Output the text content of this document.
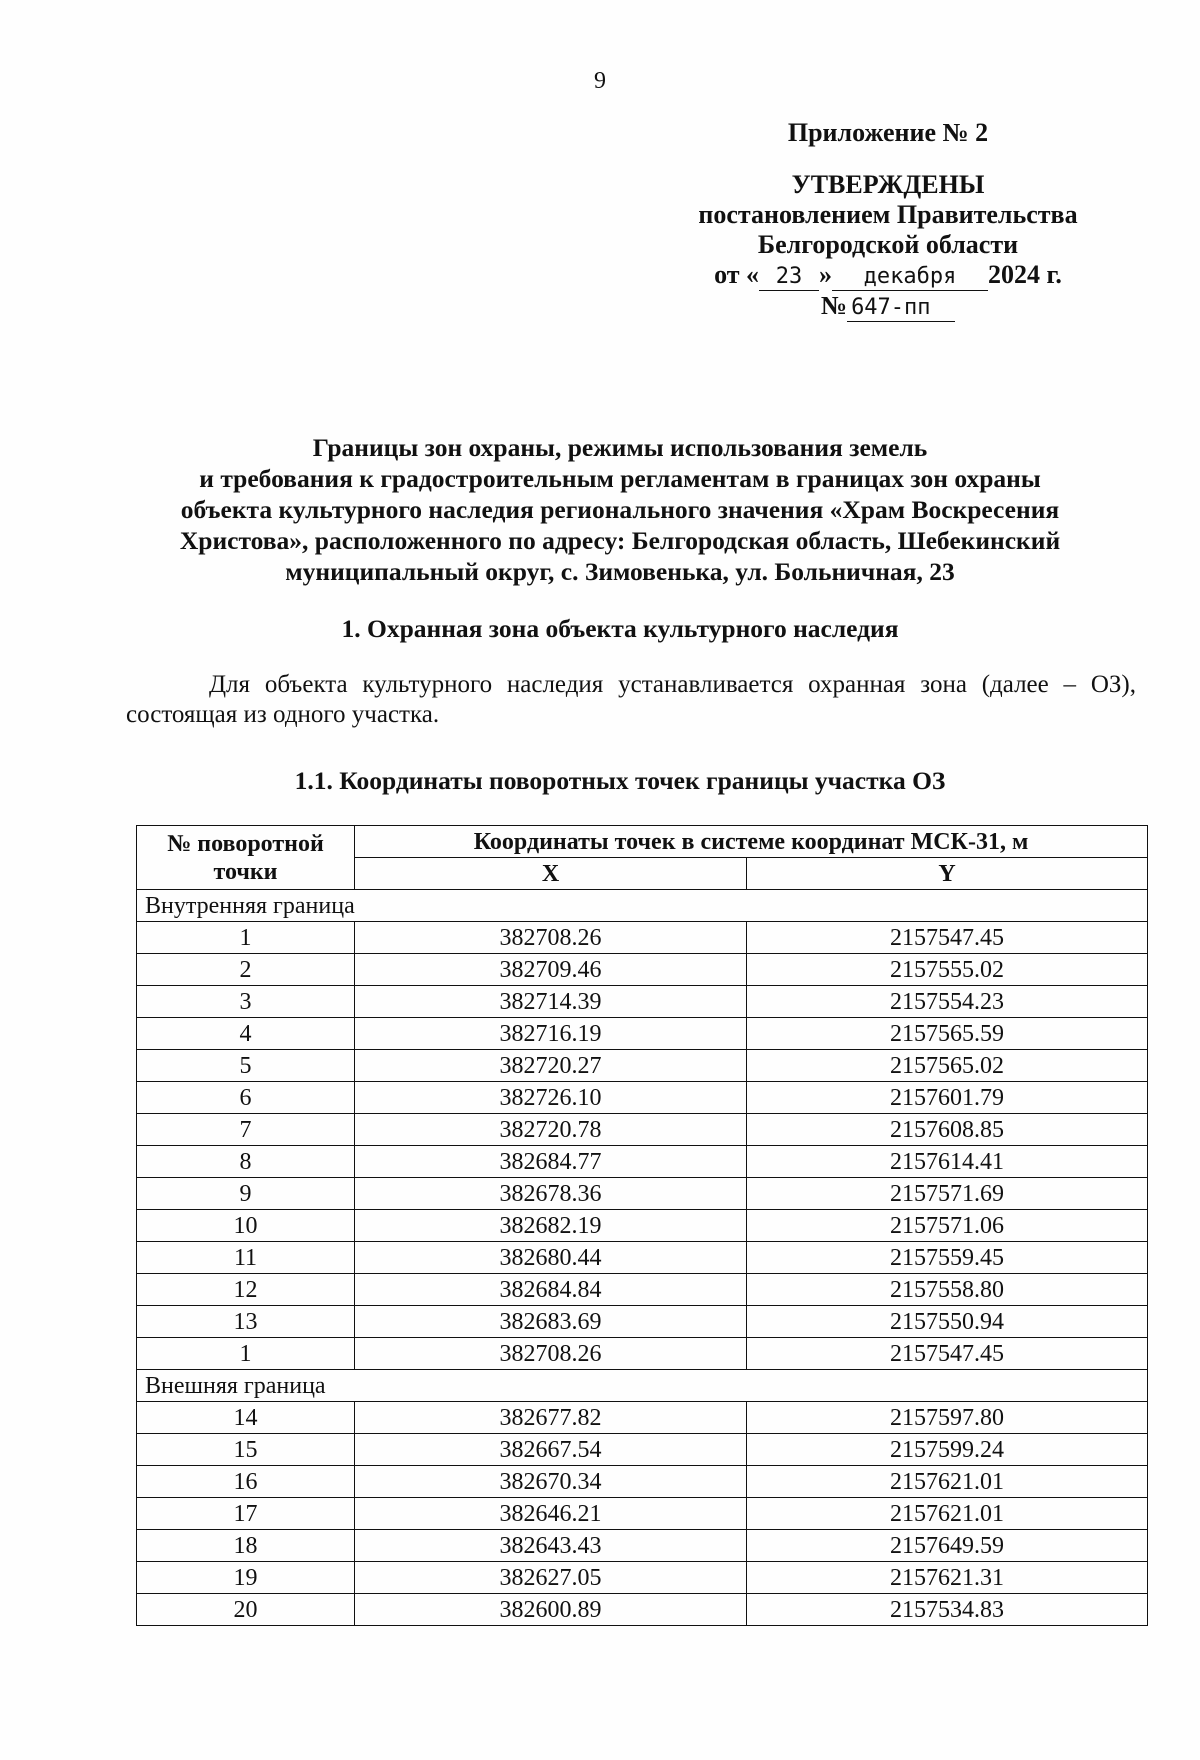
9
Приложение № 2
УТВЕРЖДЕНЫ
постановлением Правительства
Белгородской области
от « 23 » декабря 2024 г.
№ 647-пп
Границы зон охраны, режимы использования земель
и требования к градостроительным регламентам в границах зон охраны
объекта культурного наследия регионального значения «Храм Воскресения
Христова», расположенного по адресу: Белгородская область, Шебекинский
муниципальный округ, с. Зимовенька, ул. Больничная, 23
1. Охранная зона объекта культурного наследия
Для объекта культурного наследия устанавливается охранная зона (далее – ОЗ), состоящая из одного участка.
1.1. Координаты поворотных точек границы участка ОЗ
№ поворотной точки	Координаты точек в системе координат МСК-31, м	
	X	Y
Внутренняя граница		
1	382708.26	2157547.45
2	382709.46	2157555.02
3	382714.39	2157554.23
4	382716.19	2157565.59
5	382720.27	2157565.02
6	382726.10	2157601.79
7	382720.78	2157608.85
8	382684.77	2157614.41
9	382678.36	2157571.69
10	382682.19	2157571.06
11	382680.44	2157559.45
12	382684.84	2157558.80
13	382683.69	2157550.94
1	382708.26	2157547.45
Внешняя граница		
14	382677.82	2157597.80
15	382667.54	2157599.24
16	382670.34	2157621.01
17	382646.21	2157621.01
18	382643.43	2157649.59
19	382627.05	2157621.31
20	382600.89	2157534.83
